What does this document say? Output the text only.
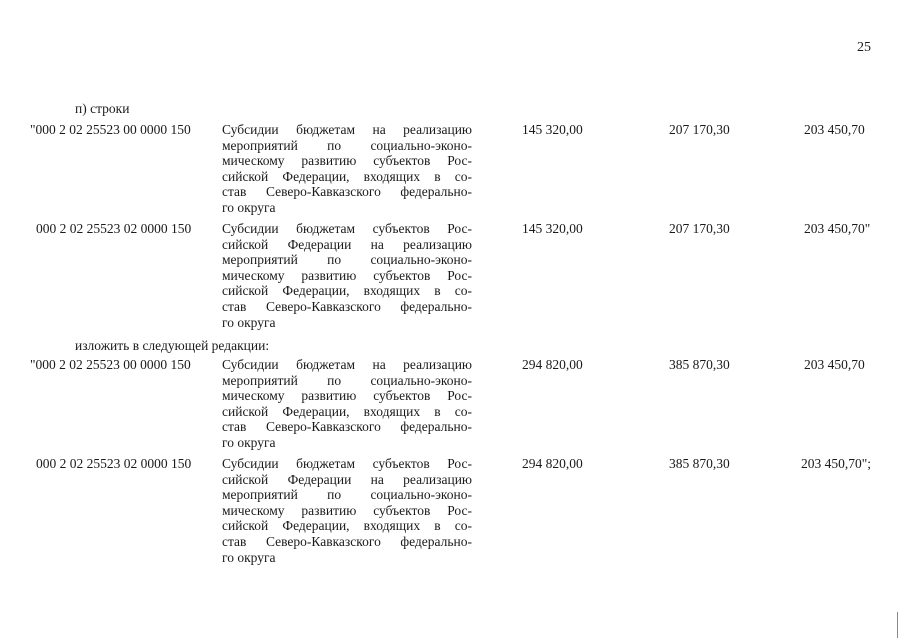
25
п) строки
"000 2 02 25523 00 0000 150 Субсидии бюджетам на реализацию
мероприятий по социально-эконо-
мическому развитию субъектов Рос-
сийской Федерации, входящих в со-
став Северо-Кавказского федерально-
го округа
145 320,00	207 170,30	203 450,70
000 2 02 25523 02 0000 150 Субсидии бюджетам субъектов Рос-
сийской Федерации на реализацию
мероприятий по социально-эконо-
мическому развитию субъектов Рос-
сийской Федерации, входящих в со-
став Северо-Кавказского федерально-
го округа
145 320,00	207 170,30	203 450,70"
изложить в следующей редакции:
"000 2 02 25523 00 0000 150 Субсидии бюджетам на реализацию
мероприятий по социально-эконо-
мическому развитию субъектов Рос-
сийской Федерации, входящих в со-
став Северо-Кавказского федерально-
го округа
294 820,00	385 870,30	203 450,70
000 2 02 25523 02 0000 150 Субсидии бюджетам субъектов Рос-
сийской Федерации на реализацию
мероприятий по социально-эконо-
мическому развитию субъектов Рос-
сийской Федерации, входящих в со-
став Северо-Кавказского федерально-
го округа
294 820,00	385 870,30	203 450,70";
